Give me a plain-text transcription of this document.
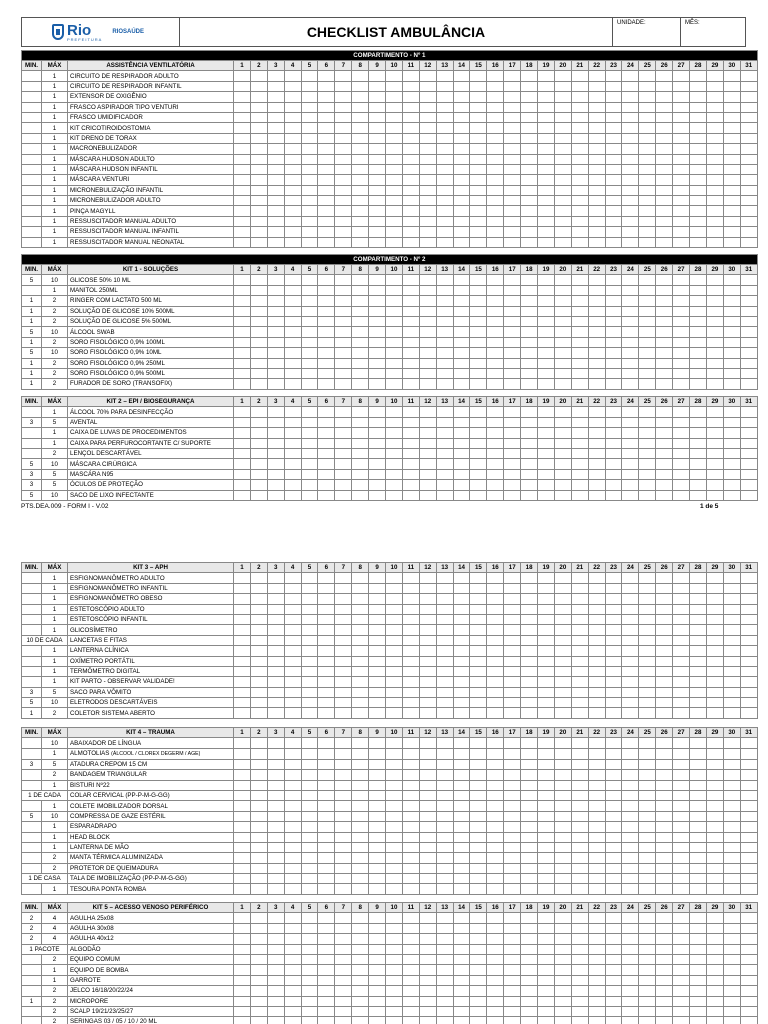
Rio
PREFEITURA
RIOSAÚDE	CHECKLIST AMBULÂNCIA
UNIDADE:	MÊS:
COMPARTIMENTO - Nº 1																																	
MIN.	MÁX	ASSISTÊNCIA VENTILATÓRIA	1	2	3	4	5	6	7	8	9	10	11	12	13	14	15	16	17	18	19	20	21	22	23	24	25	26	27	28	29	30	31
	1	CIRCUITO DE RESPIRADOR ADULTO																															
	1	CIRCUITO DE RESPIRADOR INFANTIL																															
	1	EXTENSOR DE OXIGÊNIO																															
	1	FRASCO ASPIRADOR TIPO VENTURI																															
	1	FRASCO UMIDIFICADOR																															
	1	KIT CRICOTIROIDOSTOMIA																															
	1	KIT DRENO DE TORAX																															
	1	MACRONEBULIZADOR																															
	1	MÁSCARA HUDSON ADULTO																															
	1	MÁSCARA HUDSON INFANTIL																															
	1	MÁSCARA VENTURI																															
	1	MICRONEBULIZAÇÃO INFANTIL																															
	1	MICRONEBULIZADOR ADULTO																															
	1	PINÇA MAGYLL																															
	1	RESSUSCITADOR MANUAL ADULTO																															
	1	RESSUSCITADOR MANUAL INFANTIL																															
	1	RESSUSCITADOR MANUAL NEONATAL																															
COMPARTIMENTO - Nº 2																																	
MIN.	MÁX	KIT 1 - SOLUÇÕES	1	2	3	4	5	6	7	8	9	10	11	12	13	14	15	16	17	18	19	20	21	22	23	24	25	26	27	28	29	30	31
5	10	GLICOSE 50% 10 ML																															
	1	MANITOL 250ML																															
1	2	RINGER COM LACTATO 500 ML																															
1	2	SOLUÇÃO DE GLICOSE 10% 500ML																															
1	2	SOLUÇÃO DE GLICOSE 5% 500ML																															
5	10	ÁLCOOL SWAB																															
1	2	SORO FISOLÓGICO 0,9% 100ML																															
5	10	SORO FISOLÓGICO 0,9% 10ML																															
1	2	SORO FISOLÓGICO 0,9% 250ML																															
1	2	SORO FISOLÓGICO 0,9% 500ML																															
1	2	FURADOR DE SORO (TRANSOFIX)																															
MIN.	MÁX	KIT 2 – EPI / BIOSEGURANÇA	1	2	3	4	5	6	7	8	9	10	11	12	13	14	15	16	17	18	19	20	21	22	23	24	25	26	27	28	29	30	31
	1	ÁLCOOL 70% PARA DESINFECÇÃO																															
3	5	AVENTAL																															
	1	CAIXA DE LUVAS DE PROCEDIMENTOS																															
	1	CAIXA PARA PERFUROCORTANTE C/ SUPORTE																															
	2	LENÇOL DESCARTÁVEL																															
5	10	MÁSCARA CIRÚRGICA																															
3	5	MASCÁRA N95																															
3	5	ÓCULOS DE PROTEÇÃO																															
5	10	SACO DE LIXO INFECTANTE																															
PTS.DEA.009 - FORM I - V.02	1 de 5
MIN.	MÁX	KIT 3 – APH	1	2	3	4	5	6	7	8	9	10	11	12	13	14	15	16	17	18	19	20	21	22	23	24	25	26	27	28	29	30	31
	1	ESFIGNOMANÔMETRO ADULTO																															
	1	ESFIGNOMANÔMETRO INFANTIL																															
	1	ESFIGNOMANÔMETRO OBESO																															
	1	ESTETOSCÓPIO ADULTO																															
	1	ESTETOSCÓPIO INFANTIL																															
	1	GLICOSÍMETRO																															
10 DE CADA		LANCETAS E FITAS																															
	1	LANTERNA CLÍNICA																															
	1	OXÍMETRO PORTÁTIL																															
	1	TERMÔMETRO DIGITAL																															
	1	KIT PARTO - OBSERVAR VALIDADE!																															
3	5	SACO PARA VÔMITO																															
5	10	ELETRODOS DESCARTÁVEIS																															
1	2	COLETOR SISTEMA ABERTO																															
MIN.	MÁX	KIT 4 – TRAUMA	1	2	3	4	5	6	7	8	9	10	11	12	13	14	15	16	17	18	19	20	21	22	23	24	25	26	27	28	29	30	31
	10	ABAIXADOR DE LÍNGUA																															
	1	ALMOTOLIAS (ÁLCOOL / CLOREX DEGERM / AGE)																															
3	5	ATADURA CREPOM 15 CM																															
	2	BANDAGEM TRIANGULAR																															
	1	BISTURI Nº22																															
1 DE CADA		COLAR CERVICAL (PP-P-M-G-GG)																															
	1	COLETE IMOBILIZADOR DORSAL																															
5	10	COMPRESSA DE GAZE ESTÉRIL																															
	1	ESPARADRAPO																															
	1	HEAD BLOCK																															
	1	LANTERNA DE MÃO																															
	2	MANTA TÉRMICA ALUMINIZADA																															
	2	PROTETOR DE QUEIMADURA																															
1 DE CASA		TALA DE IMOBILIZAÇÃO (PP-P-M-G-GG)																															
	1	TESOURA PONTA ROMBA																															
MIN.	MÁX	KIT 5 – ACESSO VENOSO PERIFÉRICO	1	2	3	4	5	6	7	8	9	10	11	12	13	14	15	16	17	18	19	20	21	22	23	24	25	26	27	28	29	30	31
2	4	AGULHA 25x08																															
2	4	AGULHA 30x08																															
2	4	AGULHA 40x12																															
1 PACOTE		ALGODÃO																															
	2	EQUIPO COMUM																															
	1	EQUIPO DE BOMBA																															
	1	GARROTE																															
	2	JELCO 16/18/20/22/24																															
1	2	MICROPORE																															
	2	SCALP 19/21/23/25/27																															
	2	SERINGAS 03 / 05 / 10 / 20 ML																															
